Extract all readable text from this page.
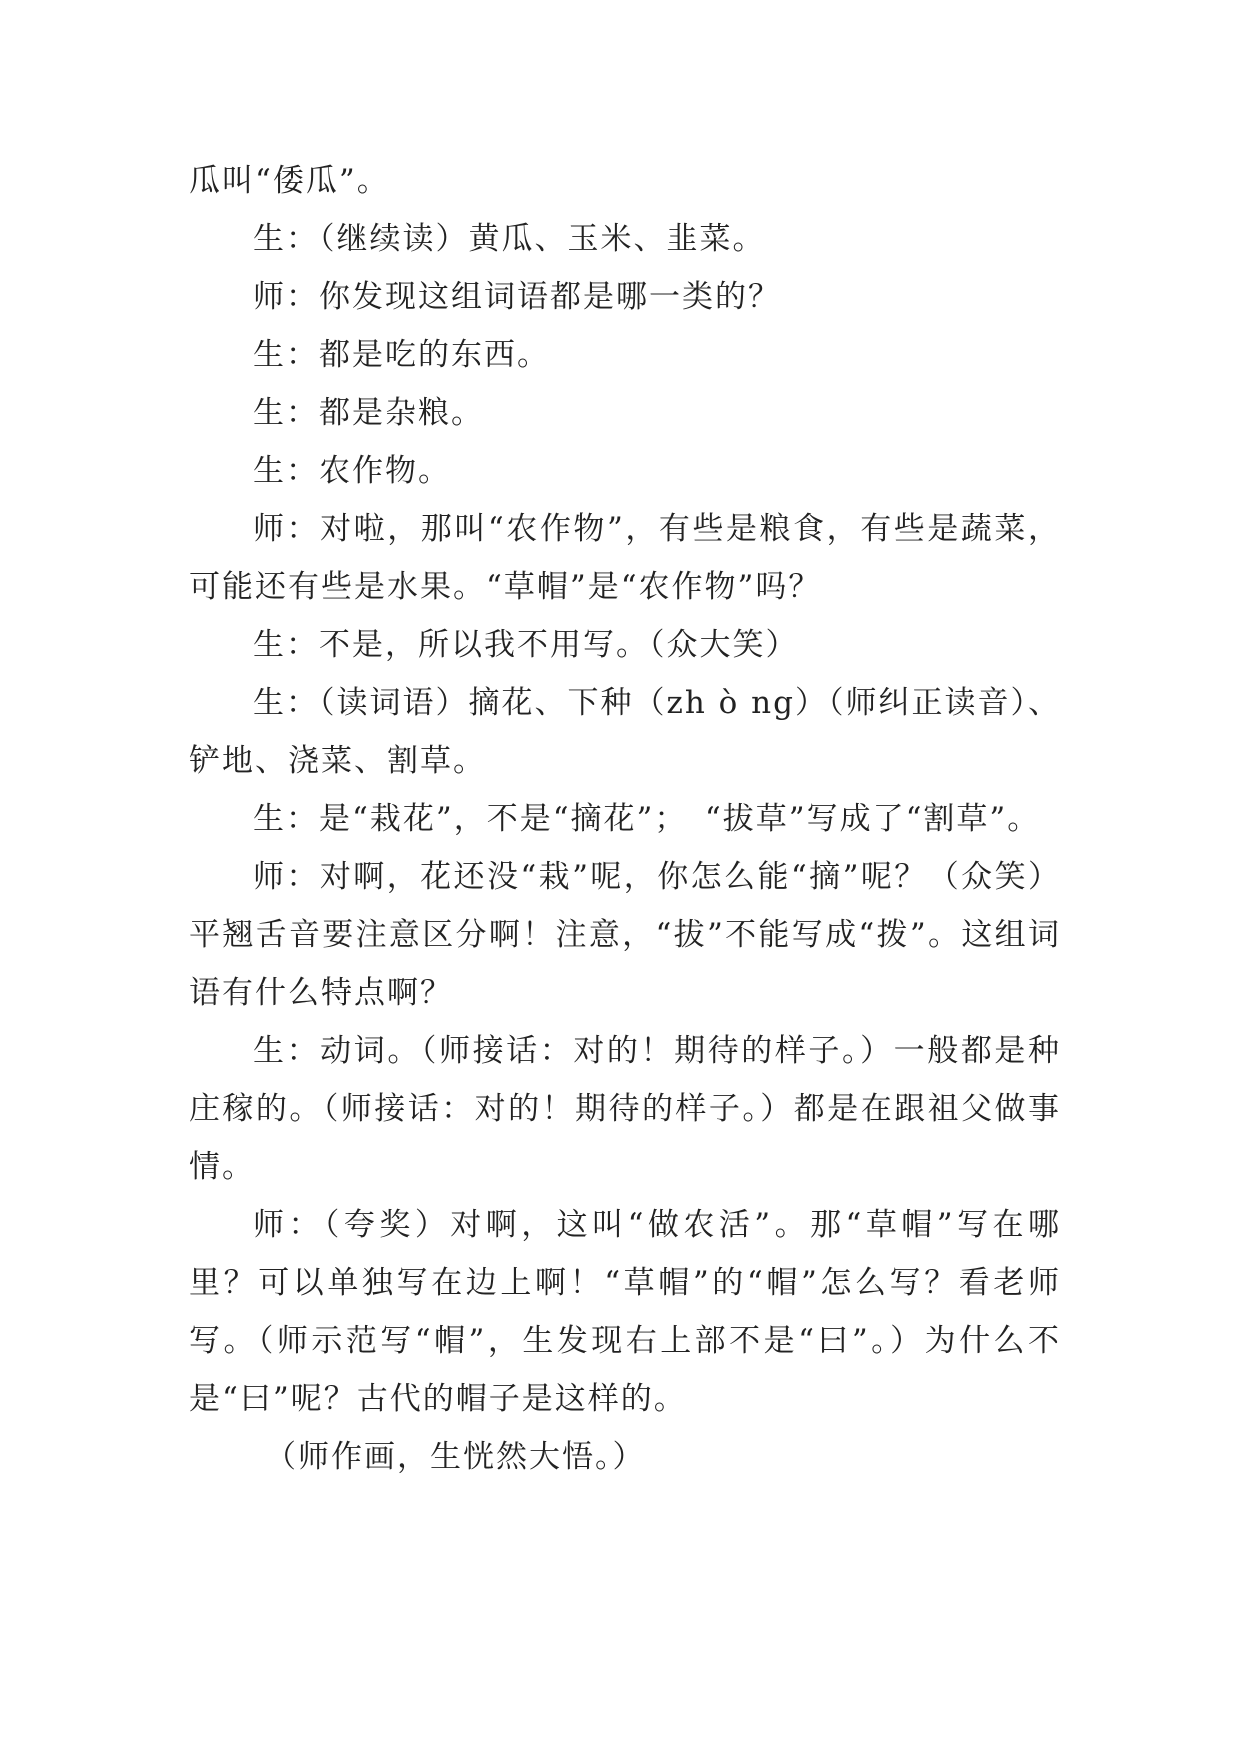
瓜叫“倭瓜”。

生：（继续读）黄瓜、玉米、韭菜。

师：你发现这组词语都是哪一类的？

生：都是吃的东西。

生：都是杂粮。

生：农作物。

师：对啦，那叫“农作物”，有些是粮食，有些是蔬菜，可能还有些是水果。“草帽”是“农作物”吗？

生：不是，所以我不用写。（众大笑）

生：（读词语）摘花、下种（zh ò ng）（师纠正读音）、铲地、浇菜、割草。

生：是“栽花”，不是“摘花”；　“拔草”写成了“割草”。

师：对啊，花还没“栽”呢，你怎么能“摘”呢？（众笑）平翘舌音要注意区分啊！注意，“拔”不能写成“拨”。这组词语有什么特点啊？

生：动词。（师接话：对的！期待的样子。）一般都是种庄稼的。（师接话：对的！期待的样子。）都是在跟祖父做事情。

师：（夸奖）对啊，这叫“做农活”。那“草帽”写在哪里？可以单独写在边上啊！“草帽”的“帽”怎么写？看老师写。（师示范写“帽”，生发现右上部不是“曰”。）为什么不是“曰”呢？古代的帽子是这样的。

（师作画，生恍然大悟。）
